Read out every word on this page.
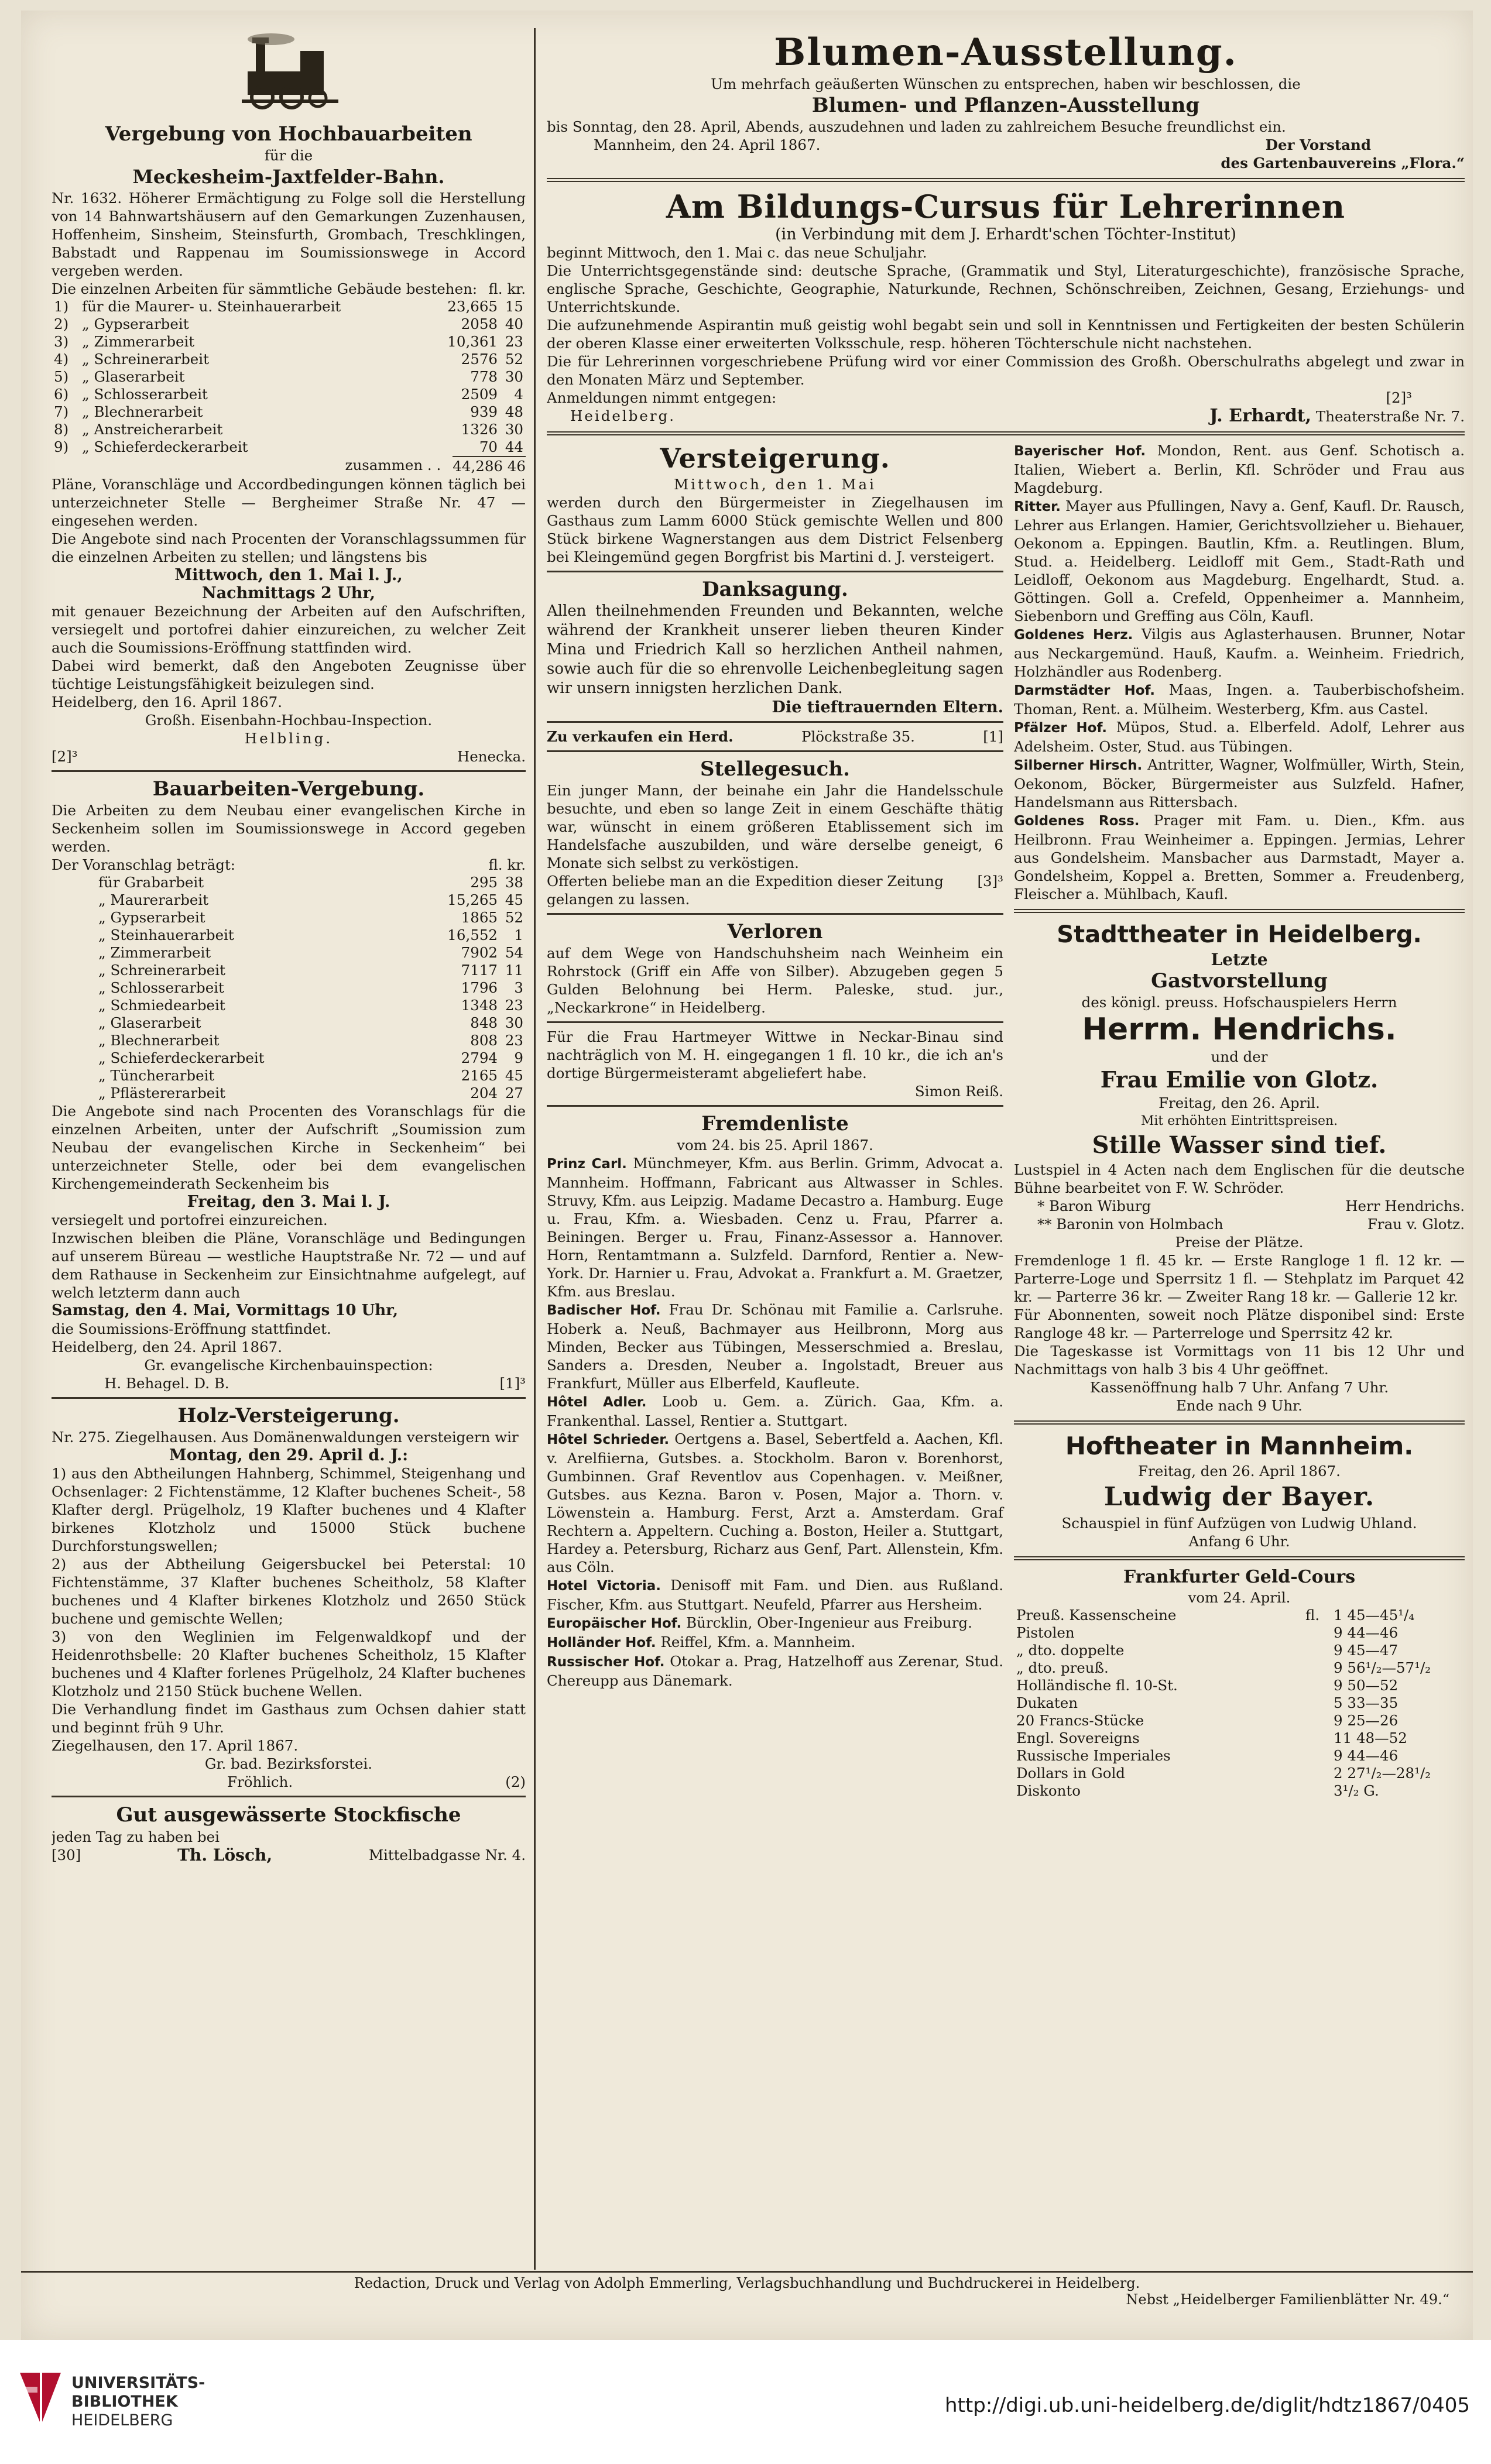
Vergebung von Hochbauarbeiten

für die

Meckesheim-Jaxtfelder-Bahn.

Nr. 1632. Höherer Ermächtigung zu Folge soll die Herstellung von 14 Bahnwartshäusern auf den Gemarkungen Zuzenhausen, Hoffenheim, Sinsheim, Steinsfurth, Grombach, Treschklingen, Babstadt und Rappenau im Soumissionswege in Accord vergeben werden.

Die einzelnen Arbeiten für sämmtliche Gebäude bestehen: fl. kr.
1)	für die Maurer- u. Steinhauerarbeit	23,665	15
2)	„ Gypserarbeit	2058	40
3)	„ Zimmerarbeit	10,361	23
4)	„ Schreinerarbeit	2576	52
5)	„ Glaserarbeit	778	30
6)	„ Schlosserarbeit	2509	4
7)	„ Blechnerarbeit	939	48
8)	„ Anstreicherarbeit	1326	30
9)	„ Schieferdeckerarbeit	70	44
zusammen . . 44,286 46

Pläne, Voranschläge und Accordbedingungen können täglich bei unterzeichneter Stelle — Bergheimer Straße Nr. 47 — eingesehen werden.

Die Angebote sind nach Procenten der Voranschlagssummen für die einzelnen Arbeiten zu stellen; und längstens bis

Mittwoch, den 1. Mai l. J.,

Nachmittags 2 Uhr,

mit genauer Bezeichnung der Arbeiten auf den Aufschriften, versiegelt und portofrei dahier einzureichen, zu welcher Zeit auch die Soumissions-Eröffnung stattfinden wird.

Dabei wird bemerkt, daß den Angeboten Zeugnisse über tüchtige Leistungsfähigkeit beizulegen sind.

Heidelberg, den 16. April 1867.

Großh. Eisenbahn-Hochbau-Inspection.

Helbling.

[2]³	Henecka.

Bauarbeiten-Vergebung.

Die Arbeiten zu dem Neubau einer evangelischen Kirche in Seckenheim sollen im Soumissionswege in Accord gegeben werden.

Der Voranschlag beträgt:	fl. kr.
für Grabarbeit	295	38
„ Maurerarbeit	15,265	45
„ Gypserarbeit	1865	52
„ Steinhauerarbeit	16,552	1
„ Zimmerarbeit	7902	54
„ Schreinerarbeit	7117	11
„ Schlosserarbeit	1796	3
„ Schmiedearbeit	1348	23
„ Glaserarbeit	848	30
„ Blechnerarbeit	808	23
„ Schieferdeckerarbeit	2794	9
„ Tüncherarbeit	2165	45
„ Pflästererarbeit	204	27

Die Angebote sind nach Procenten des Voranschlags für die einzelnen Arbeiten, unter der Aufschrift „Soumission zum Neubau der evangelischen Kirche in Seckenheim“ bei unterzeichneter Stelle, oder bei dem evangelischen Kirchengemeinderath Seckenheim bis

Freitag, den 3. Mai l. J.

versiegelt und portofrei einzureichen.

Inzwischen bleiben die Pläne, Voranschläge und Bedingungen auf unserem Büreau — westliche Hauptstraße Nr. 72 — und auf dem Rathause in Seckenheim zur Einsichtnahme aufgelegt, auf welch letzterm dann auch

Samstag, den 4. Mai, Vormittags 10 Uhr,

die Soumissions-Eröffnung stattfindet.

Heidelberg, den 24. April 1867.

Gr. evangelische Kirchenbauinspection:

H. Behagel. D. B.	[1]³

Holz-Versteigerung.

Nr. 275. Ziegelhausen. Aus Domänenwaldungen versteigern wir

Montag, den 29. April d. J.:

1) aus den Abtheilungen Hahnberg, Schimmel, Steigenhang und Ochsenlager: 2 Fichtenstämme, 12 Klafter buchenes Scheit-, 58 Klafter dergl. Prügelholz, 19 Klafter buchenes und 4 Klafter birkenes Klotzholz und 15000 Stück buchene Durchforstungswellen;

2) aus der Abtheilung Geigersbuckel bei Peterstal: 10 Fichtenstämme, 37 Klafter buchenes Scheitholz, 58 Klafter buchenes und 4 Klafter birkenes Klotzholz und 2650 Stück buchene und gemischte Wellen;

3) von den Weglinien im Felgenwaldkopf und der Heidenrothsbelle: 20 Klafter buchenes Scheitholz, 15 Klafter buchenes und 4 Klafter forlenes Prügelholz, 24 Klafter buchenes Klotzholz und 2150 Stück buchene Wellen.

Die Verhandlung findet im Gasthaus zum Ochsen dahier statt und beginnt früh 9 Uhr.

Ziegelhausen, den 17. April 1867.

Gr. bad. Bezirksforstei.

Fröhlich.	(2)

Gut ausgewässerte Stockfische

jeden Tag zu haben bei

[30]	Th. Lösch,	Mittelbadgasse Nr. 4.

Blumen-Ausstellung.

Um mehrfach geäußerten Wünschen zu entsprechen, haben wir beschlossen, die

Blumen- und Pflanzen-Ausstellung

bis Sonntag, den 28. April, Abends, auszudehnen und laden zu zahlreichem Besuche freundlichst ein.

Mannheim, den 24. April 1867.	Der Vorstand

des Gartenbauvereins „Flora.“

Am Bildungs-Cursus für Lehrerinnen

(in Verbindung mit dem J. Erhardt'schen Töchter-Institut)

beginnt Mittwoch, den 1. Mai c. das neue Schuljahr.

Die Unterrichtsgegenstände sind: deutsche Sprache, (Grammatik und Styl, Literaturgeschichte), französische Sprache, englische Sprache, Geschichte, Geographie, Naturkunde, Rechnen, Schönschreiben, Zeichnen, Gesang, Erziehungs- und Unterrichtskunde.

Die aufzunehmende Aspirantin muß geistig wohl begabt sein und soll in Kenntnissen und Fertigkeiten der besten Schülerin der oberen Klasse einer erweiterten Volksschule, resp. höheren Töchterschule nicht nachstehen.

Die für Lehrerinnen vorgeschriebene Prüfung wird vor einer Commission des Großh. Oberschulraths abgelegt und zwar in den Monaten März und September.

Anmeldungen nimmt entgegen:	[2]³
Heidelberg.	J. Erhardt, Theaterstraße Nr. 7.

Versteigerung.

Mittwoch, den 1. Mai

werden durch den Bürgermeister in Ziegelhausen im Gasthaus zum Lamm 6000 Stück gemischte Wellen und 800 Stück birkene Wagnerstangen aus dem District Felsenberg bei Kleingemünd gegen Borgfrist bis Martini d. J. versteigert.

Danksagung.

Allen theilnehmenden Freunden und Bekannten, welche während der Krankheit unserer lieben theuren Kinder Mina und Friedrich Kall so herzlichen Antheil nahmen, sowie auch für die so ehrenvolle Leichenbegleitung sagen wir unsern innigsten herzlichen Dank.

Die tieftrauernden Eltern.

Zu verkaufen ein Herd.	Plöckstraße 35.	[1]

Stellegesuch.

Ein junger Mann, der beinahe ein Jahr die Handelsschule besuchte, und eben so lange Zeit in einem Geschäfte thätig war, wünscht in einem größeren Etablissement sich im Handelsfache auszubilden, und wäre derselbe geneigt, 6 Monate sich selbst zu verköstigen.

Offerten beliebe man an die Expedition dieser Zeitung gelangen zu lassen.
[3]³

Verloren

auf dem Wege von Handschuhsheim nach Weinheim ein Rohrstock (Griff ein Affe von Silber). Abzugeben gegen 5 Gulden Belohnung bei Herm. Paleske, stud. jur., „Neckarkrone“ in Heidelberg.

Für die Frau Hartmeyer Wittwe in Neckar-Binau sind nachträglich von M. H. eingegangen 1 fl. 10 kr., die ich an's dortige Bürgermeisteramt abgeliefert habe.

Simon Reiß.

Fremdenliste

vom 24. bis 25. April 1867.

Prinz Carl. Münchmeyer, Kfm. aus Berlin. Grimm, Advocat a. Mannheim. Hoffmann, Fabricant aus Altwasser in Schles. Struvy, Kfm. aus Leipzig. Madame Decastro a. Hamburg. Euge u. Frau, Kfm. a. Wiesbaden. Cenz u. Frau, Pfarrer a. Beiningen. Berger u. Frau, Finanz-Assessor a. Hannover. Horn, Rentamtmann a. Sulzfeld. Darnford, Rentier a. New-York. Dr. Harnier u. Frau, Advokat a. Frankfurt a. M. Graetzer, Kfm. aus Breslau.

Badischer Hof. Frau Dr. Schönau mit Familie a. Carlsruhe. Hoberk a. Neuß, Bachmayer aus Heilbronn, Morg aus Minden, Becker aus Tübingen, Messerschmied a. Breslau, Sanders a. Dresden, Neuber a. Ingolstadt, Breuer aus Frankfurt, Müller aus Elberfeld, Kaufleute.

Hôtel Adler. Loob u. Gem. a. Zürich. Gaa, Kfm. a. Frankenthal. Lassel, Rentier a. Stuttgart.

Hôtel Schrieder. Oertgens a. Basel, Sebertfeld a. Aachen, Kfl. v. Arelfiierna, Gutsbes. a. Stockholm. Baron v. Borenhorst, Gumbinnen. Graf Reventlov aus Copenhagen. v. Meißner, Gutsbes. aus Kezna. Baron v. Posen, Major a. Thorn. v. Löwenstein a. Hamburg. Ferst, Arzt a. Amsterdam. Graf Rechtern a. Appeltern. Cuching a. Boston, Heiler a. Stuttgart, Hardey a. Petersburg, Richarz aus Genf, Part. Allenstein, Kfm. aus Cöln.

Hotel Victoria. Denisoff mit Fam. und Dien. aus Rußland. Fischer, Kfm. aus Stuttgart. Neufeld, Pfarrer aus Hersheim.

Europäischer Hof. Bürcklin, Ober-Ingenieur aus Freiburg.

Holländer Hof. Reiffel, Kfm. a. Mannheim.

Russischer Hof. Otokar a. Prag, Hatzelhoff aus Zerenar, Stud. Chereupp aus Dänemark.

Bayerischer Hof. Mondon, Rent. aus Genf. Schotisch a. Italien, Wiebert a. Berlin, Kfl. Schröder und Frau aus Magdeburg.

Ritter. Mayer aus Pfullingen, Navy a. Genf, Kaufl. Dr. Rausch, Lehrer aus Erlangen. Hamier, Gerichtsvollzieher u. Biehauer, Oekonom a. Eppingen. Bautlin, Kfm. a. Reutlingen. Blum, Stud. a. Heidelberg. Leidloff mit Gem., Stadt-Rath und Leidloff, Oekonom aus Magdeburg. Engelhardt, Stud. a. Göttingen. Goll a. Crefeld, Oppenheimer a. Mannheim, Siebenborn und Greffing aus Cöln, Kaufl.

Goldenes Herz. Vilgis aus Aglasterhausen. Brunner, Notar aus Neckargemünd. Hauß, Kaufm. a. Weinheim. Friedrich, Holzhändler aus Rodenberg.

Darmstädter Hof. Maas, Ingen. a. Tauberbischofsheim. Thoman, Rent. a. Mülheim. Westerberg, Kfm. aus Castel.

Pfälzer Hof. Müpos, Stud. a. Elberfeld. Adolf, Lehrer aus Adelsheim. Oster, Stud. aus Tübingen.

Silberner Hirsch. Antritter, Wagner, Wolfmüller, Wirth, Stein, Oekonom, Böcker, Bürgermeister aus Sulzfeld. Hafner, Handelsmann aus Rittersbach.

Goldenes Ross. Prager mit Fam. u. Dien., Kfm. aus Heilbronn. Frau Weinheimer a. Eppingen. Jermias, Lehrer aus Gondelsheim. Mansbacher aus Darmstadt, Mayer a. Gondelsheim, Koppel a. Bretten, Sommer a. Freudenberg, Fleischer a. Mühlbach, Kaufl.

Stadttheater in Heidelberg.

Letzte

Gastvorstellung

des königl. preuss. Hofschauspielers Herrn

Herrm. Hendrichs.

und der

Frau Emilie von Glotz.

Freitag, den 26. April.

Mit erhöhten Eintrittspreisen.

Stille Wasser sind tief.

Lustspiel in 4 Acten nach dem Englischen für die deutsche Bühne bearbeitet von F. W. Schröder.

* Baron Wiburg	Herr Hendrichs.
** Baronin von Holmbach	Frau v. Glotz.

Preise der Plätze.

Fremdenloge 1 fl. 45 kr. — Erste Rangloge 1 fl. 12 kr. — Parterre-Loge und Sperrsitz 1 fl. — Stehplatz im Parquet 42 kr. — Parterre 36 kr. — Zweiter Rang 18 kr. — Gallerie 12 kr.

Für Abonnenten, soweit noch Plätze disponibel sind: Erste Rangloge 48 kr. — Parterreloge und Sperrsitz 42 kr.

Die Tageskasse ist Vormittags von 11 bis 12 Uhr und Nachmittags von halb 3 bis 4 Uhr geöffnet.

Kassenöffnung halb 7 Uhr. Anfang 7 Uhr.

Ende nach 9 Uhr.

Hoftheater in Mannheim.

Freitag, den 26. April 1867.

Ludwig der Bayer.

Schauspiel in fünf Aufzügen von Ludwig Uhland.

Anfang 6 Uhr.

Frankfurter Geld-Cours

vom 24. April.

Preuß. Kassenscheine	fl.	1 45—45¹/₄
Pistolen		9 44—46
„ dto. doppelte		9 45—47
„ dto. preuß.		9 56¹/₂—57¹/₂
Holländische fl. 10-St.		9 50—52
Dukaten		5 33—35
20 Francs-Stücke		9 25—26
Engl. Sovereigns		11 48—52
Russische Imperiales		9 44—46
Dollars in Gold		2 27¹/₂—28¹/₂
Diskonto		3¹/₂ G.

Redaction, Druck und Verlag von Adolph Emmerling, Verlagsbuchhandlung und Buchdruckerei in Heidelberg.

Nebst „Heidelberger Familienblätter Nr. 49.“

UNIVERSITÄTS-
BIBLIOTHEK
HEIDELBERG
http://digi.ub.uni-heidelberg.de/diglit/hdtz1867/0405
